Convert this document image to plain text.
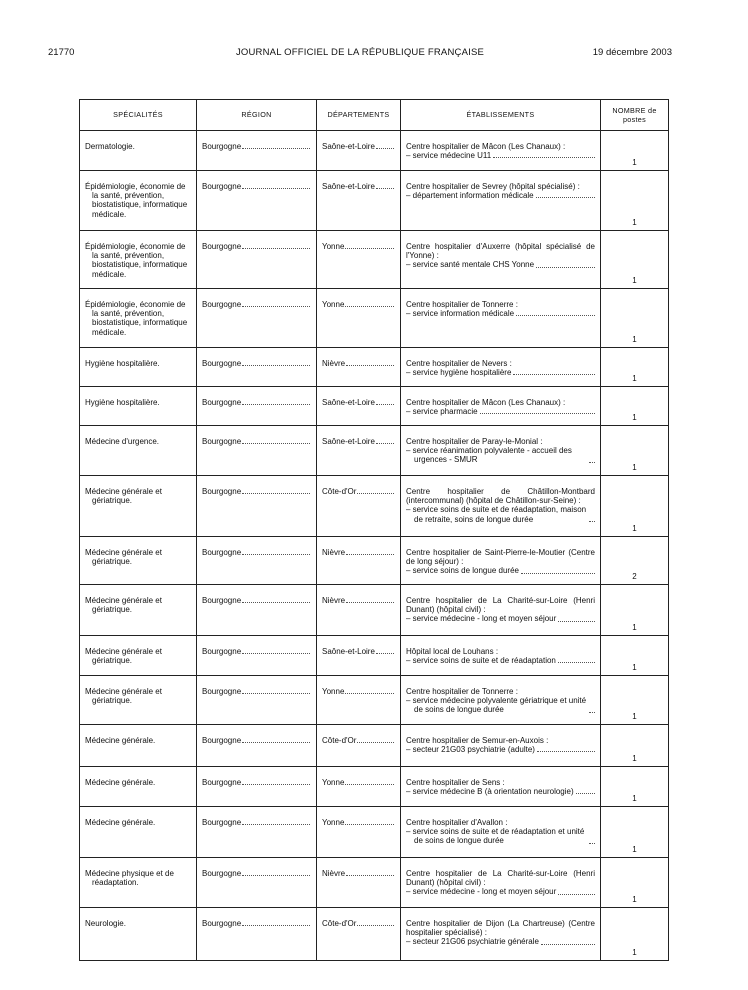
21770	JOURNAL OFFICIEL DE LA RÉPUBLIQUE FRANÇAISE	19 décembre 2003
SPÉCIALITÉS	RÉGION	DÉPARTEMENTS	ÉTABLISSEMENTS	NOMBRE de postes

Dermatologie.	Bourgogne	Saône-et-Loire	Centre hospitalier de Mâcon (Les Chanaux) :
– service médecine U11	1

Épidémiologie, économie de la santé, prévention, biostatistique, informatique médicale.	Bourgogne	Saône-et-Loire	Centre hospitalier de Sevrey (hôpital spécialisé) :
– département information médicale	1

Épidémiologie, économie de la santé, prévention, biostatistique, informatique médicale.	Bourgogne	Yonne	Centre hospitalier d'Auxerre (hôpital spécialisé de l'Yonne) :
– service santé mentale CHS Yonne	1

Épidémiologie, économie de la santé, prévention, biostatistique, informatique médicale.	Bourgogne	Yonne	Centre hospitalier de Tonnerre :
– service information médicale	1

Hygiène hospitalière.	Bourgogne	Nièvre	Centre hospitalier de Nevers :
– service hygiène hospitalière	1

Hygiène hospitalière.	Bourgogne	Saône-et-Loire	Centre hospitalier de Mâcon (Les Chanaux) :
– service pharmacie	1

Médecine d'urgence.	Bourgogne	Saône-et-Loire	Centre hospitalier de Paray-le-Monial :
– service réanimation polyvalente - accueil des urgences - SMUR	1

Médecine générale et gériatrique.	Bourgogne	Côte-d'Or	Centre hospitalier de Châtillon-Montbard (intercommunal) (hôpital de Châtillon-sur-Seine) :
– service soins de suite et de réadaptation, maison de retraite, soins de longue durée	1

Médecine générale et gériatrique.	Bourgogne	Nièvre	Centre hospitalier de Saint-Pierre-le-Moutier (Centre de long séjour) :
– service soins de longue durée	2

Médecine générale et gériatrique.	Bourgogne	Nièvre	Centre hospitalier de La Charité-sur-Loire (Henri Dunant) (hôpital civil) :
– service médecine - long et moyen séjour	1

Médecine générale et gériatrique.	Bourgogne	Saône-et-Loire	Hôpital local de Louhans :
– service soins de suite et de réadaptation	1

Médecine générale et gériatrique.	Bourgogne	Yonne	Centre hospitalier de Tonnerre :
– service médecine polyvalente gériatrique et unité de soins de longue durée	1

Médecine générale.	Bourgogne	Côte-d'Or	Centre hospitalier de Semur-en-Auxois :
– secteur 21G03 psychiatrie (adulte)	1

Médecine générale.	Bourgogne	Yonne	Centre hospitalier de Sens :
– service médecine B (à orientation neurologie)	1

Médecine générale.	Bourgogne	Yonne	Centre hospitalier d'Avallon :
– service soins de suite et de réadaptation et unité de soins de longue durée	1

Médecine physique et de réadaptation.	Bourgogne	Nièvre	Centre hospitalier de La Charité-sur-Loire (Henri Dunant) (hôpital civil) :
– service médecine - long et moyen séjour	1

Neurologie.	Bourgogne	Côte-d'Or	Centre hospitalier de Dijon (La Chartreuse) (Centre hospitalier spécialisé) :
– secteur 21G06 psychiatrie générale	1
